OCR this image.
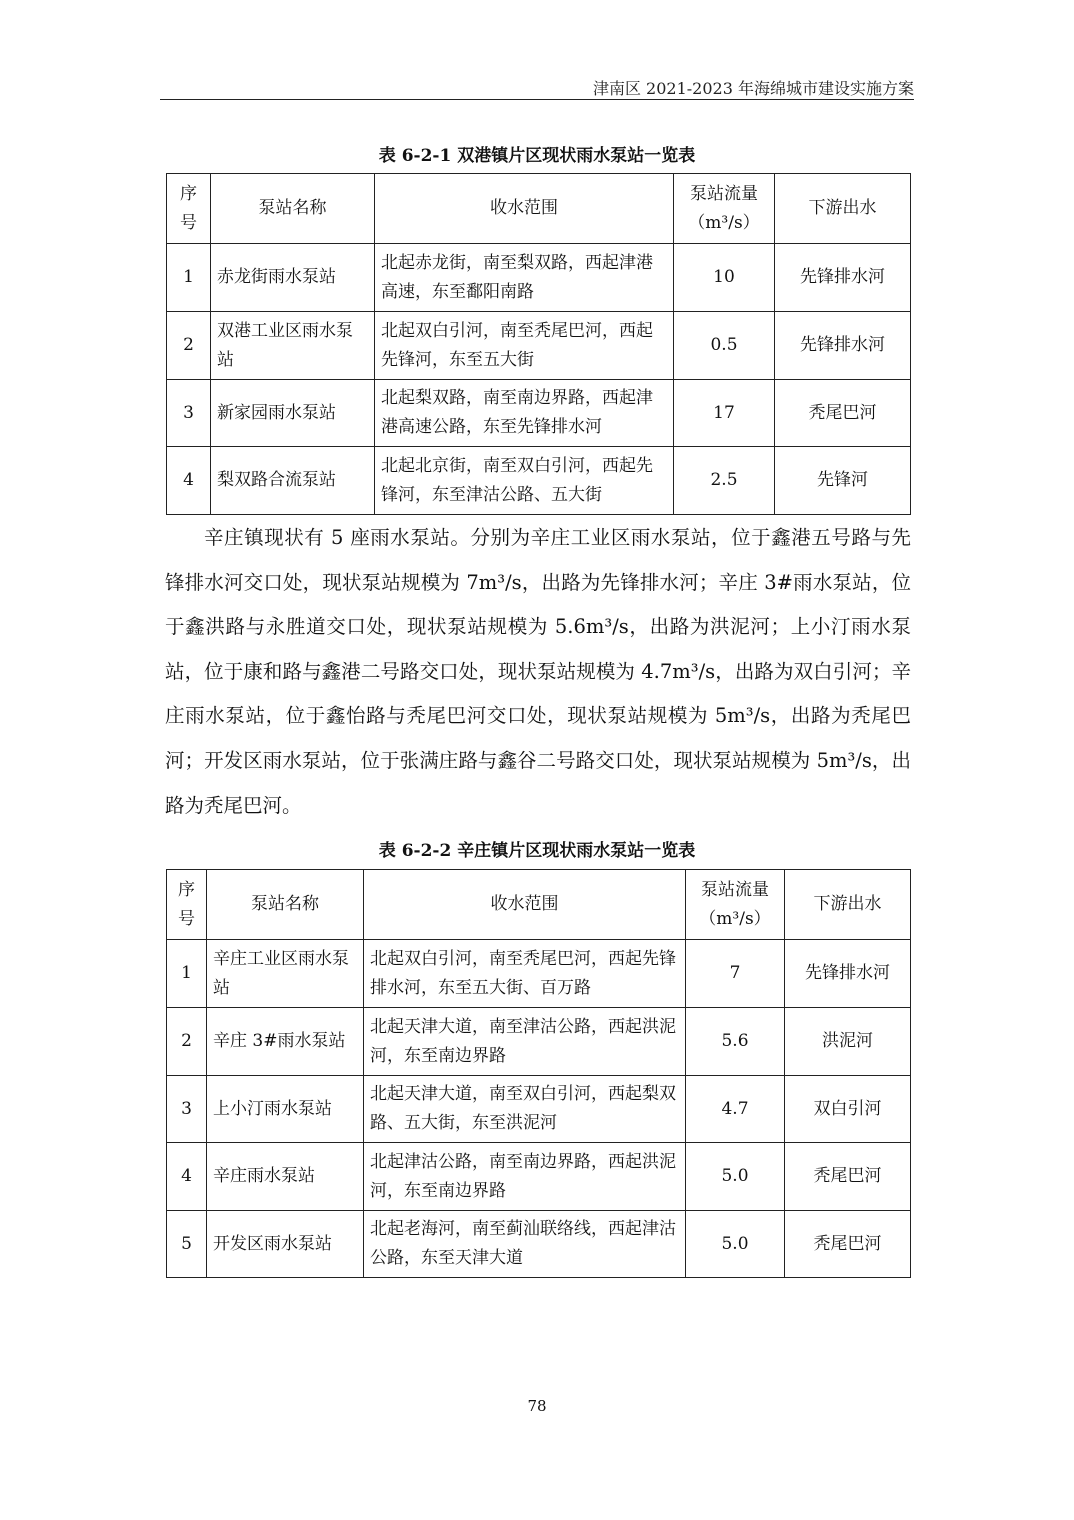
津南区 2021-2023 年海绵城市建设实施方案
表 6-2-1 双港镇片区现状雨水泵站一览表
序号	泵站名称	收水范围	泵站流量（m³/s）	下游出水
1	赤龙街雨水泵站	北起赤龙街，南至梨双路，西起津港高速，东至鄱阳南路	10	先锋排水河
2	双港工业区雨水泵站	北起双白引河，南至秃尾巴河，西起先锋河，东至五大街	0.5	先锋排水河
3	新家园雨水泵站	北起梨双路，南至南边界路，西起津港高速公路，东至先锋排水河	17	秃尾巴河
4	梨双路合流泵站	北起北京街，南至双白引河，西起先锋河，东至津沽公路、五大街	2.5	先锋河

辛庄镇现状有 5 座雨水泵站。分别为辛庄工业区雨水泵站，位于鑫港五号路与先锋排水河交口处，现状泵站规模为 7m³/s，出路为先锋排水河；辛庄 3#雨水泵站，位于鑫洪路与永胜道交口处，现状泵站规模为 5.6m³/s，出路为洪泥河；上小汀雨水泵站，位于康和路与鑫港二号路交口处，现状泵站规模为 4.7m³/s，出路为双白引河；辛庄雨水泵站，位于鑫怡路与秃尾巴河交口处，现状泵站规模为 5m³/s，出路为秃尾巴河；开发区雨水泵站，位于张满庄路与鑫谷二号路交口处，现状泵站规模为 5m³/s，出路为秃尾巴河。

表 6-2-2 辛庄镇片区现状雨水泵站一览表
序号	泵站名称	收水范围	泵站流量（m³/s）	下游出水
1	辛庄工业区雨水泵站	北起双白引河，南至秃尾巴河，西起先锋排水河，东至五大街、百万路	7	先锋排水河
2	辛庄 3#雨水泵站	北起天津大道，南至津沽公路，西起洪泥河，东至南边界路	5.6	洪泥河
3	上小汀雨水泵站	北起天津大道，南至双白引河，西起梨双路、五大街，东至洪泥河	4.7	双白引河
4	辛庄雨水泵站	北起津沽公路，南至南边界路，西起洪泥河，东至南边界路	5.0	秃尾巴河
5	开发区雨水泵站	北起老海河，南至蓟汕联络线，西起津沽公路，东至天津大道	5.0	秃尾巴河
78
